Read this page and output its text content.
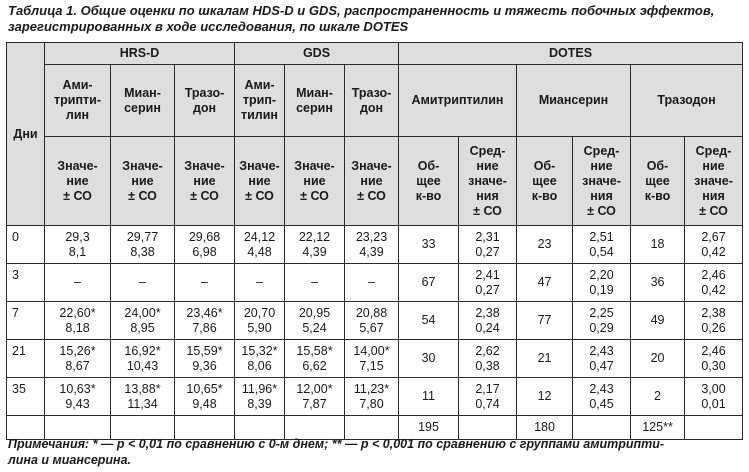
Таблица 1. Общие оценки по шкалам HDS-D и GDS, распространенность и тяжесть побочных эффектов,
зарегистрированных в ходе исследования, по шкале DOTES
Дни	HRS-D			GDS			DOTES					

	Ами-
трипти-
лин	Миан-
серин	Тразо-
дон	Ами-
трип-
тилин	Миан-
серин	Тразо-
дон	Амитриптилин		Миансерин		Тразодон	

	Значе-
ние
± СО	Значе-
ние
± СО	Значе-
ние
± СО	Значе-
ние
± СО	Значе-
ние
± СО	Значе-
ние
± СО	Об-
щее
к-во	Сред-
ние
значе-
ния
± СО	Об-
щее
к-во	Сред-
ние
значе-
ния
± СО	Об-
щее
к-во	Сред-
ние
значе-
ния
± СО

0	29,3
8,1	29,77
8,38	29,68
6,98	24,12
4,48	22,12
4,39	23,23
4,39	33	2,31
0,27	23	2,51
0,54	18	2,67
0,42

3	–	–	–	–	–	–	67	2,41
0,27	47	2,20
0,19	36	2,46
0,42

7	22,60*
8,18	24,00*
8,95	23,46*
7,86	20,70
5,90	20,95
5,24	20,88
5,67	54	2,38
0,24	77	2,25
0,29	49	2,38
0,26

21	15,26*
8,67	16,92*
10,43	15,59*
9,36	15,32*
8,06	15,58*
6,62	14,00*
7,15	30	2,62
0,38	21	2,43
0,47	20	2,46
0,30

35	10,63*
9,43	13,88*
11,34	10,65*
9,48	11,96*
8,39	12,00*
7,87	11,23*
7,80	11	2,17
0,74	12	2,43
0,45	2	3,00
0,01

							195		180		125**	
Примечания: * — p < 0,01 по сравнению с 0-м днем; ** — p < 0,001 по сравнению с группами амитрипти-
лина и миансерина.
